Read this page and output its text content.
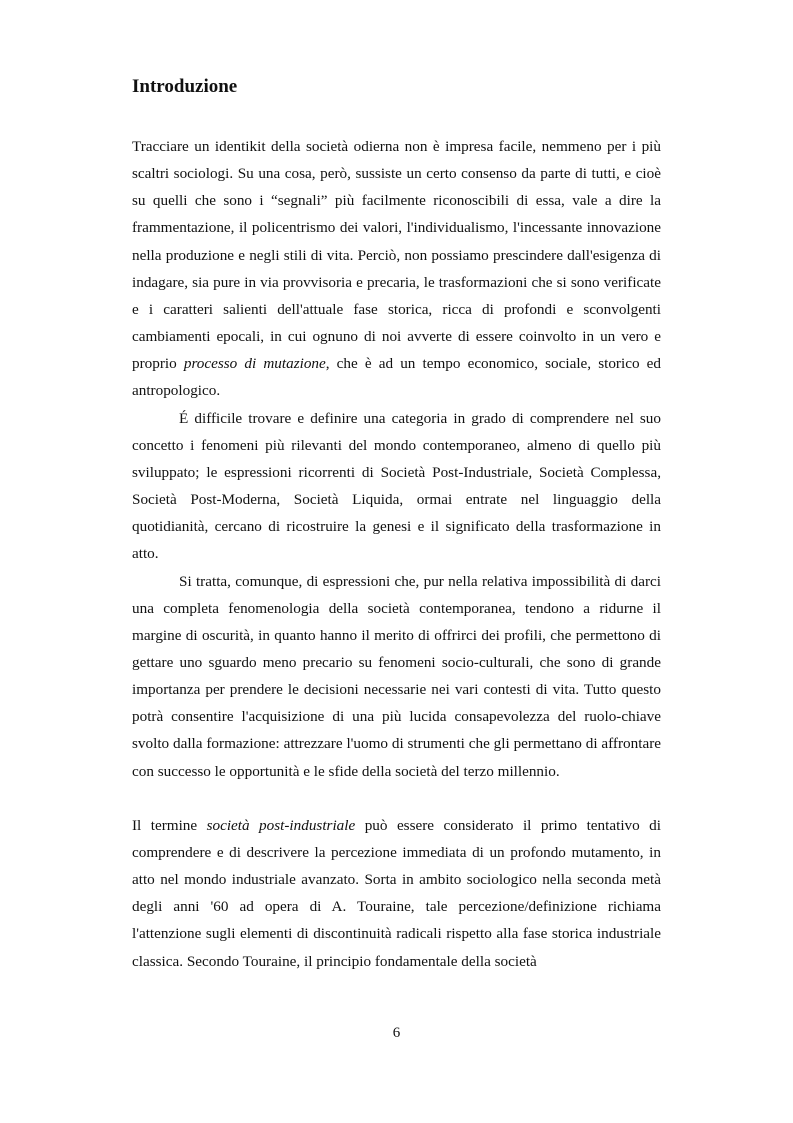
Introduzione

Tracciare un identikit della società odierna non è impresa facile, nemmeno per i più scaltri sociologi. Su una cosa, però, sussiste un certo consenso da parte di tutti, e cioè su quelli che sono i “segnali” più facilmente riconoscibili di essa, vale a dire la frammentazione, il policentrismo dei valori, l'individualismo, l'incessante innovazione nella produzione e negli stili di vita. Perciò, non possiamo prescindere dall'esigenza di indagare, sia pure in via provvisoria e precaria, le trasformazioni che si sono verificate e i caratteri salienti dell'attuale fase storica, ricca di profondi e sconvolgenti cambiamenti epocali, in cui ognuno di noi avverte di essere coinvolto in un vero e proprio processo di mutazione, che è ad un tempo economico, sociale, storico ed antropologico.

É difficile trovare e definire una categoria in grado di comprendere nel suo concetto i fenomeni più rilevanti del mondo contemporaneo, almeno di quello più sviluppato; le espressioni ricorrenti di Società Post-Industriale, Società Complessa, Società Post-Moderna, Società Liquida, ormai entrate nel linguaggio della quotidianità, cercano di ricostruire la genesi e il significato della trasformazione in atto.

Si tratta, comunque, di espressioni che, pur nella relativa impossibilità di darci una completa fenomenologia della società contemporanea, tendono a ridurne il margine di oscurità, in quanto hanno il merito di offrirci dei profili, che permettono di gettare uno sguardo meno precario su fenomeni socio-culturali, che sono di grande importanza per prendere le decisioni necessarie nei vari contesti di vita. Tutto questo potrà consentire l'acquisizione di una più lucida consapevolezza del ruolo-chiave svolto dalla formazione: attrezzare l'uomo di strumenti che gli permettano di affrontare con successo le opportunità e le sfide della società del terzo millennio.

Il termine società post-industriale può essere considerato il primo tentativo di comprendere e di descrivere la percezione immediata di un profondo mutamento, in atto nel mondo industriale avanzato. Sorta in ambito sociologico nella seconda metà degli anni '60 ad opera di A. Touraine, tale percezione/definizione richiama l'attenzione sugli elementi di discontinuità radicali rispetto alla fase storica industriale classica. Secondo Touraine, il principio fondamentale della società

6
